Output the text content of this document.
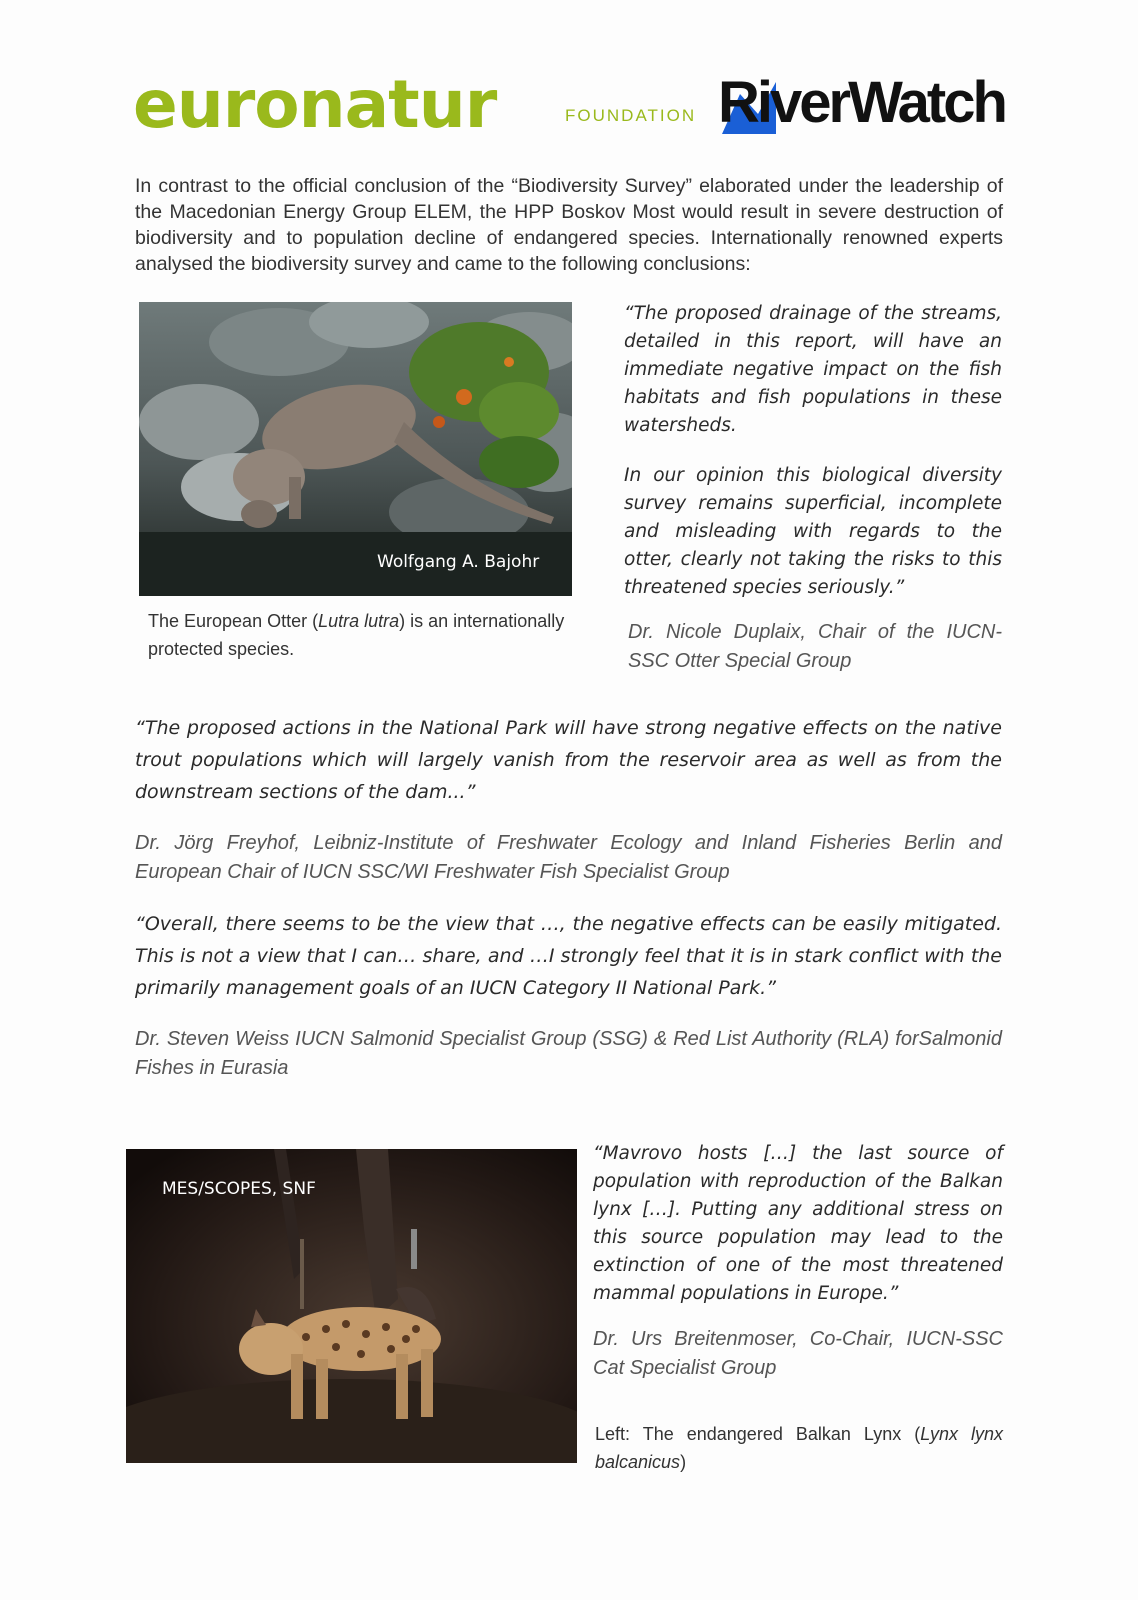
euronatur	FOUNDATION RiverWatch
In contrast to the official conclusion of the “Biodiversity Survey” elaborated under the leadership of the Macedonian Energy Group ELEM, the HPP Boskov Most would result in severe destruction of biodiversity and to population decline of endangered species. Internationally renowned experts analysed the biodiversity survey and came to the following conclusions:
Wolfgang A. Bajohr
The European Otter (Lutra lutra) is an internationally protected species.
“The proposed drainage of the streams, detailed in this report, will have an immediate negative impact on the fish habitats and fish populations in these watersheds.
In our opinion this biological diversity survey remains superficial, incomplete and misleading with regards to the otter, clearly not taking the risks to this threatened species seriously.”
Dr. Nicole Duplaix, Chair of the IUCN-SSC Otter Special Group
“The proposed actions in the National Park will have strong negative effects on the native trout populations which will largely vanish from the reservoir area as well as from the downstream sections of the dam...”
Dr. Jörg Freyhof, Leibniz-Institute of Freshwater Ecology and Inland Fisheries Berlin and European Chair of IUCN SSC/WI Freshwater Fish Specialist Group
“Overall, there seems to be the view that …, the negative effects can be easily mitigated. This is not a view that I can… share, and …I strongly feel that it is in stark conflict with the primarily management goals of an IUCN Category II National Park.”
Dr. Steven Weiss IUCN Salmonid Specialist Group (SSG) & Red List Authority (RLA) forSalmonid Fishes in Eurasia
MES/SCOPES, SNF
“Mavrovo hosts […] the last source of population with reproduction of the Balkan lynx […]. Putting any additional stress on this source population may lead to the extinction of one of the most threatened mammal populations in Europe.”
Dr. Urs Breitenmoser, Co-Chair, IUCN-SSC Cat Specialist Group
Left: The endangered Balkan Lynx (Lynx lynx balcanicus)
